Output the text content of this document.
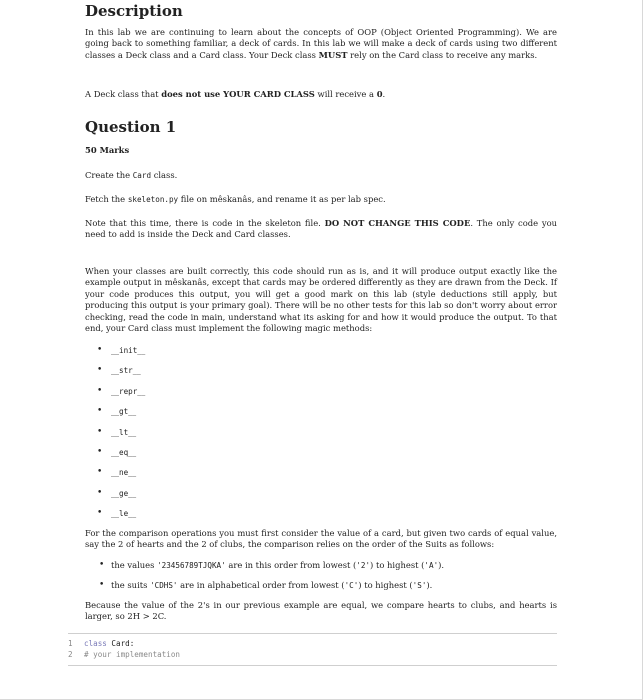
Description

In this lab we are continuing to learn about the concepts of OOP (Object Oriented Programming). We are going back to something familiar, a deck of cards. In this lab we will make a deck of cards using two different classes a Deck class and a Card class. Your Deck class MUST rely on the Card class to receive any marks.

A Deck class that does not use YOUR CARD CLASS will receive a 0.

Question 1

50 Marks

Create the Card class.

Fetch the skeleton.py file on mêskanâs, and rename it as per lab spec.

Note that this time, there is code in the skeleton file. DO NOT CHANGE THIS CODE. The only code you need to add is inside the Deck and Card classes.

When your classes are built correctly, this code should run as is, and it will produce output exactly like the example output in mêskanâs, except that cards may be ordered differently as they are drawn from the Deck. If your code produces this output, you will get a good mark on this lab (style deductions still apply, but producing this output is your primary goal). There will be no other tests for this lab so don't worry about error checking, read the code in main, understand what its asking for and how it would produce the output. To that end, your Card class must implement the following magic methods:

• __init__
• __str__
• __repr__
• __gt__
• __lt__
• __eq__
• __ne__
• __ge__
• __le__

For the comparison operations you must first consider the value of a card, but given two cards of equal value, say the 2 of hearts and the 2 of clubs, the comparison relies on the order of the Suits as follows:

• the values '23456789TJQKA' are in this order from lowest ('2') to highest ('A').
• the suits 'CDHS' are in alphabetical order from lowest ('C') to highest ('S').

Because the value of the 2's in our previous example are equal, we compare hearts to clubs, and hearts is larger, so 2H > 2C.

1 class Card:
2 # your implementation
